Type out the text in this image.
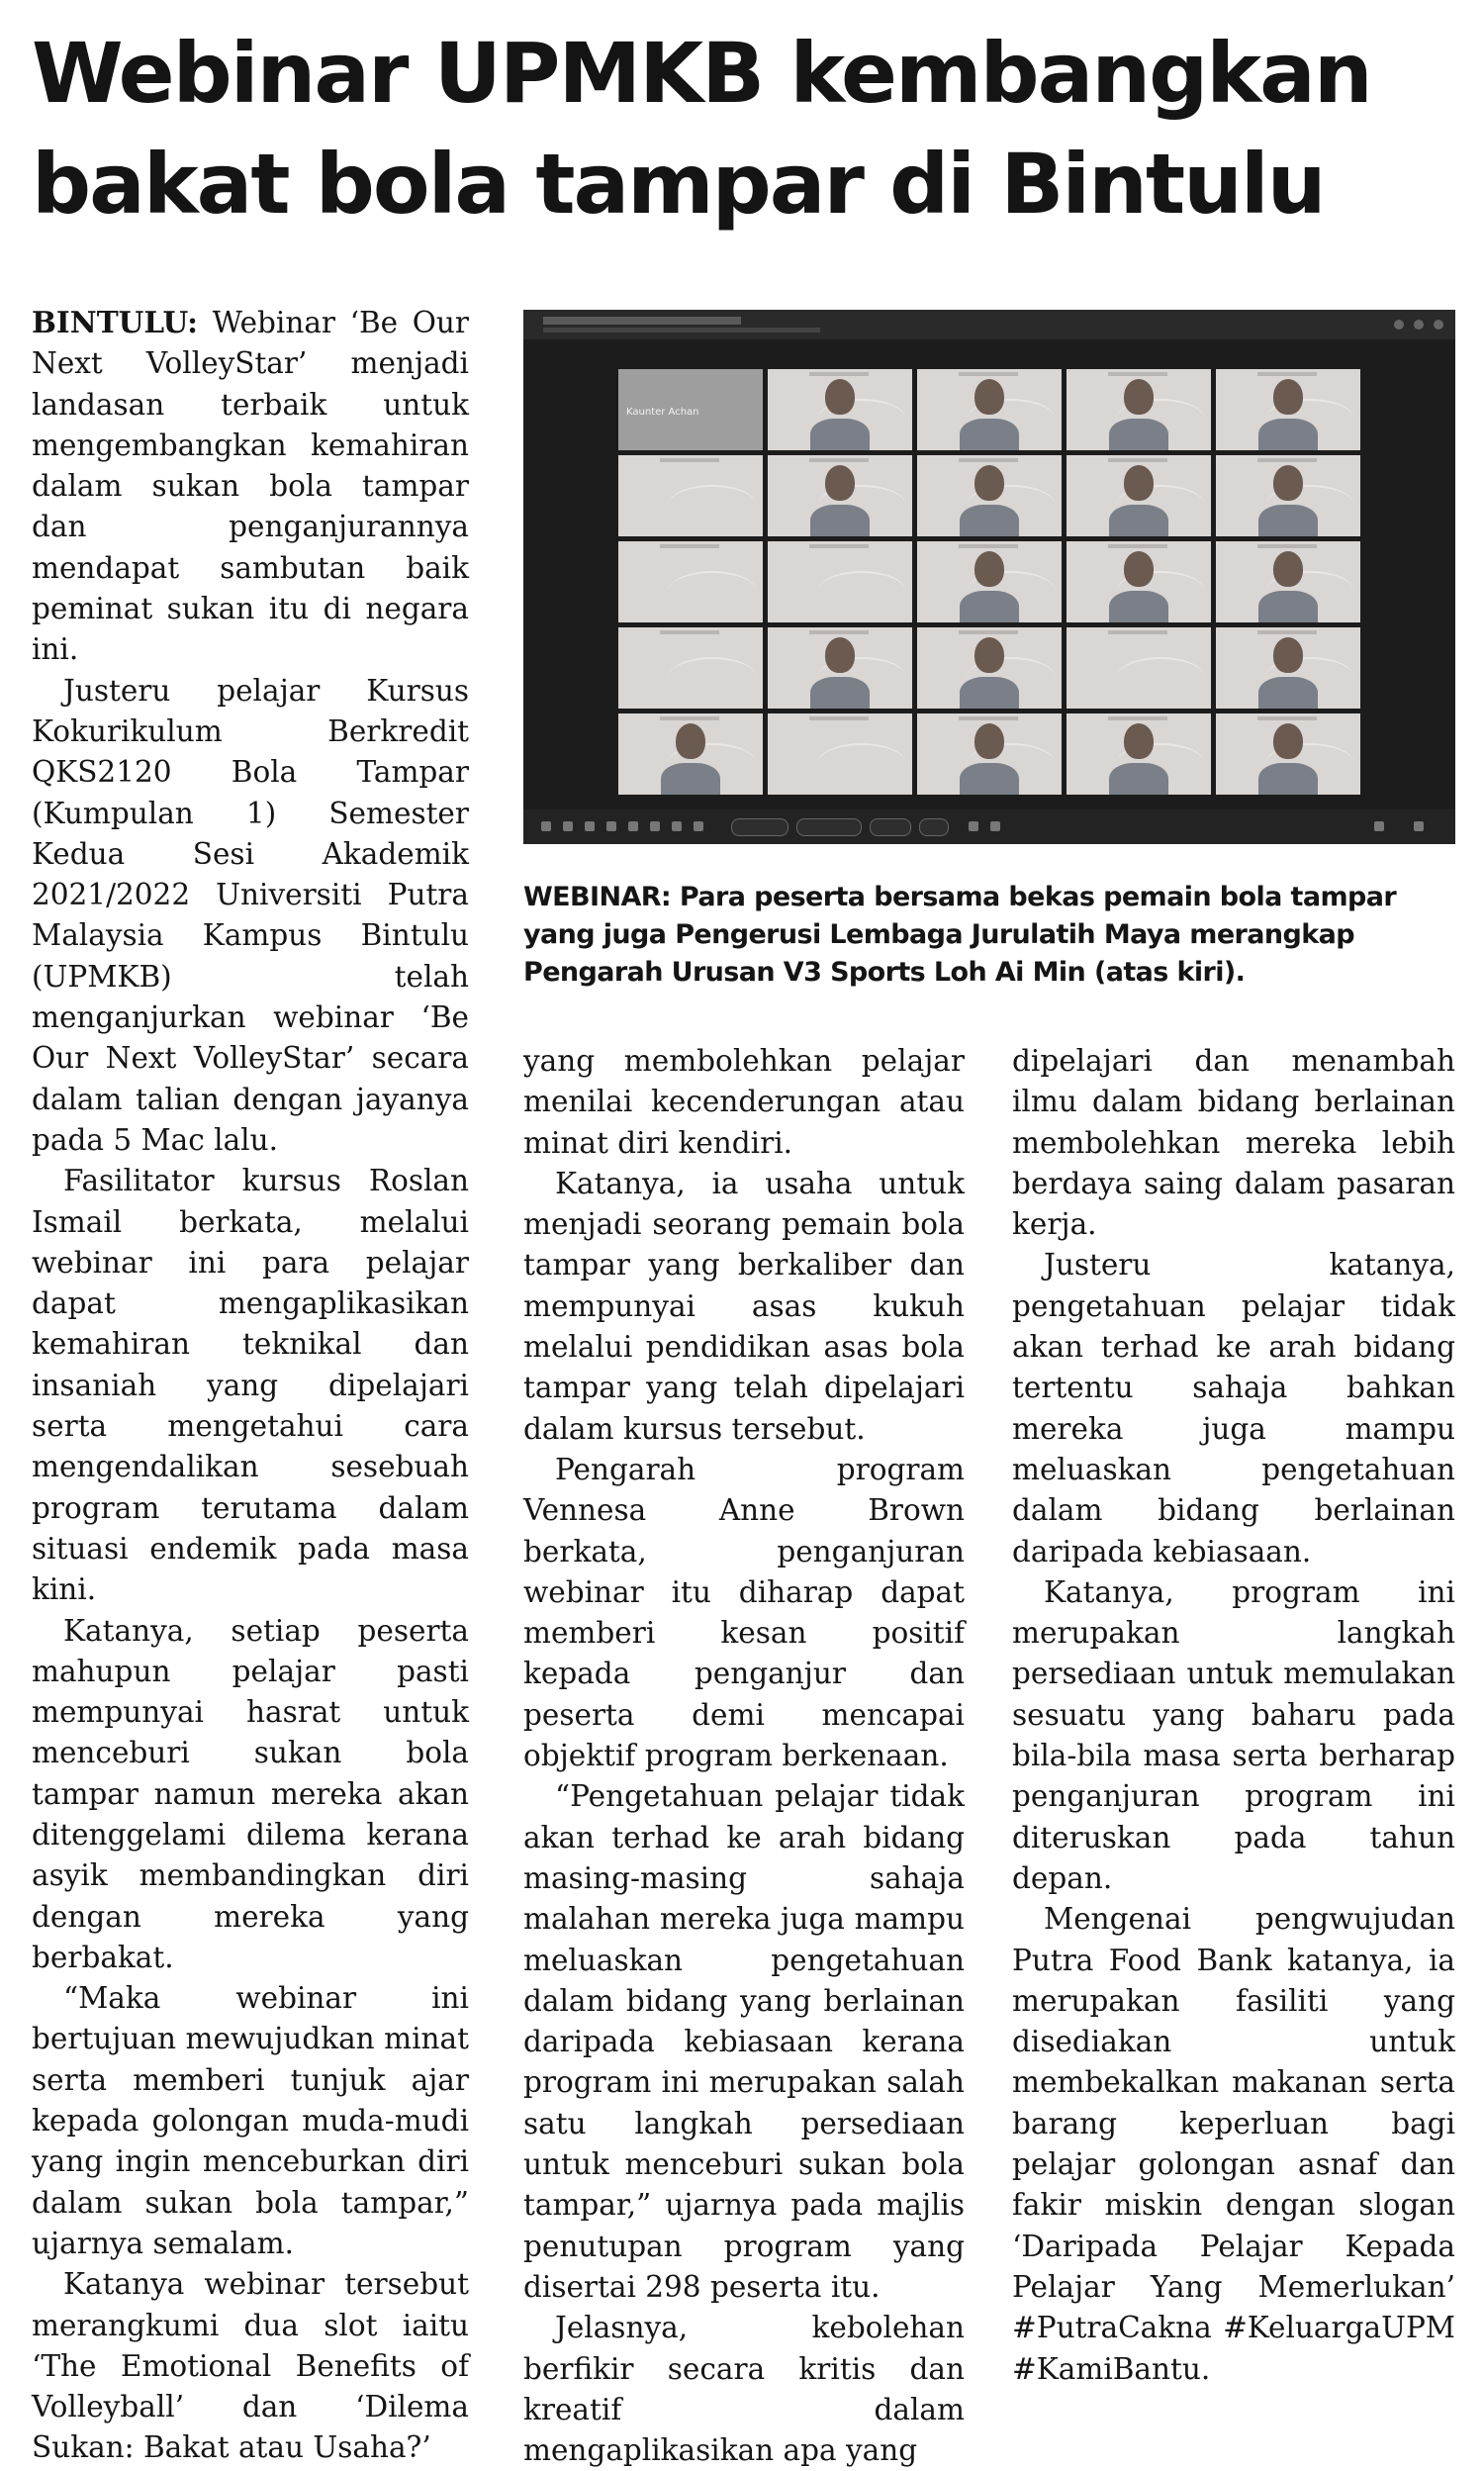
Webinar UPMKB kembangkan bakat bola tampar di Bintulu

BINTULU: Webinar ‘Be Our Next VolleyStar’ menjadi landasan terbaik untuk mengembangkan kemahiran dalam sukan bola tampar dan penganjurannya mendapat sambutan baik peminat sukan itu di negara ini.

Justeru pelajar Kursus Kokurikulum Berkredit QKS2120 Bola Tampar (Kumpulan 1) Semester Kedua Sesi Akademik 2021/2022 Universiti Putra Malaysia Kampus Bintulu (UPMKB) telah menganjurkan webinar ‘Be Our Next VolleyStar’ secara dalam talian dengan jayanya pada 5 Mac lalu.

Fasilitator kursus Roslan Ismail berkata, melalui webinar ini para pelajar dapat mengaplikasikan kemahiran teknikal dan insaniah yang dipelajari serta mengetahui cara mengendalikan sesebuah program terutama dalam situasi endemik pada masa kini.

Katanya, setiap peserta mahupun pelajar pasti mempunyai hasrat untuk menceburi sukan bola tampar namun mereka akan ditenggelami dilema kerana asyik membandingkan diri dengan mereka yang berbakat.

“Maka webinar ini bertujuan mewujudkan minat serta memberi tunjuk ajar kepada golongan muda-mudi yang ingin menceburkan diri dalam sukan bola tampar,” ujarnya semalam.

Katanya webinar tersebut merangkumi dua slot iaitu ‘The Emotional Benefits of Volleyball’ dan ‘Dilema Sukan: Bakat atau Usaha?’

Kaunter Achan

WEBINAR: Para peserta bersama bekas pemain bola tampar yang juga Pengerusi Lembaga Jurulatih Maya merangkap Pengarah Urusan V3 Sports Loh Ai Min (atas kiri).

yang membolehkan pelajar menilai kecenderungan atau minat diri kendiri.

Katanya, ia usaha untuk menjadi seorang pemain bola tampar yang berkaliber dan mempunyai asas kukuh melalui pendidikan asas bola tampar yang telah dipelajari dalam kursus tersebut.

Pengarah program Vennesa Anne Brown berkata, penganjuran webinar itu diharap dapat memberi kesan positif kepada penganjur dan peserta demi mencapai objektif program berkenaan.

“Pengetahuan pelajar tidak akan terhad ke arah bidang masing-masing sahaja malahan mereka juga mampu meluaskan pengetahuan dalam bidang yang berlainan daripada kebiasaan kerana program ini merupakan salah satu langkah persediaan untuk menceburi sukan bola tampar,” ujarnya pada majlis penutupan program yang disertai 298 peserta itu.

Jelasnya, kebolehan berfikir secara kritis dan kreatif dalam mengaplikasikan apa yang

dipelajari dan menambah ilmu dalam bidang berlainan membolehkan mereka lebih berdaya saing dalam pasaran kerja.

Justeru katanya, pengetahuan pelajar tidak akan terhad ke arah bidang tertentu sahaja bahkan mereka juga mampu meluaskan pengetahuan dalam bidang berlainan daripada kebiasaan.

Katanya, program ini merupakan langkah persediaan untuk memulakan sesuatu yang baharu pada bila-bila masa serta berharap penganjuran program ini diteruskan pada tahun depan.

Mengenai pengwujudan Putra Food Bank katanya, ia merupakan fasiliti yang disediakan untuk membekalkan makanan serta barang keperluan bagi pelajar golongan asnaf dan fakir miskin dengan slogan ‘Daripada Pelajar Kepada Pelajar Yang Memerlukan’ #PutraCakna #KeluargaUPM #KamiBantu.
